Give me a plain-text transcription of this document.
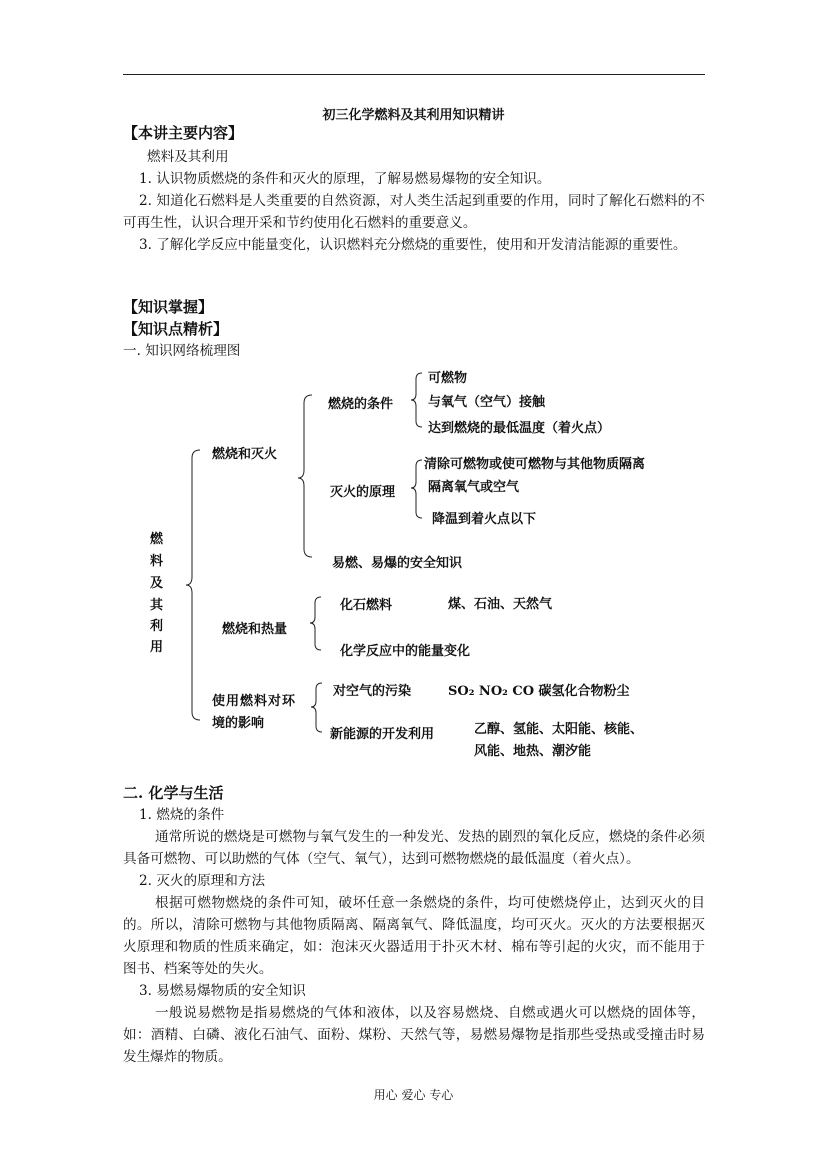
初三化学燃料及其利用知识精讲
【本讲主要内容】
燃料及其利用
1. 认识物质燃烧的条件和灭火的原理，了解易燃易爆物的安全知识。
2. 知道化石燃料是人类重要的自然资源，对人类生活起到重要的作用，同时了解化石燃料的不可再生性，认识合理开采和节约使用化石燃料的重要意义。
3. 了解化学反应中能量变化，认识燃料充分燃烧的重要性，使用和开发清洁能源的重要性。
【知识掌握】
【知识点精析】
一. 知识网络梳理图
燃
料
及
其
利
用
燃烧和灭火
燃烧的条件
可燃物
与氧气（空气）接触
达到燃烧的最低温度（着火点）
灭火的原理
清除可燃物或使可燃物与其他物质隔离
隔离氧气或空气
降温到着火点以下
易燃、易爆的安全知识
燃烧和热量
化石燃料	煤、石油、天然气
化学反应中的能量变化
使用燃料对环
境的影响
对空气的污染	SO₂ NO₂ CO 碳氢化合物粉尘
新能源的开发利用	乙醇、氢能、太阳能、核能、
风能、地热、潮汐能
二. 化学与生活
1. 燃烧的条件
通常所说的燃烧是可燃物与氧气发生的一种发光、发热的剧烈的氧化反应，燃烧的条件必须具备可燃物、可以助燃的气体（空气、氧气），达到可燃物燃烧的最低温度（着火点）。
2. 灭火的原理和方法
根据可燃物燃烧的条件可知，破坏任意一条燃烧的条件，均可使燃烧停止，达到灭火的目的。所以，清除可燃物与其他物质隔离、隔离氧气、降低温度，均可灭火。灭火的方法要根据灭火原理和物质的性质来确定，如：泡沫灭火器适用于扑灭木材、棉布等引起的火灾，而不能用于图书、档案等处的失火。
3. 易燃易爆物质的安全知识
一般说易燃物是指易燃烧的气体和液体，以及容易燃烧、自燃或遇火可以燃烧的固体等，如：酒精、白磷、液化石油气、面粉、煤粉、天然气等，易燃易爆物是指那些受热或受撞击时易发生爆炸的物质。
用心 爱心 专心
